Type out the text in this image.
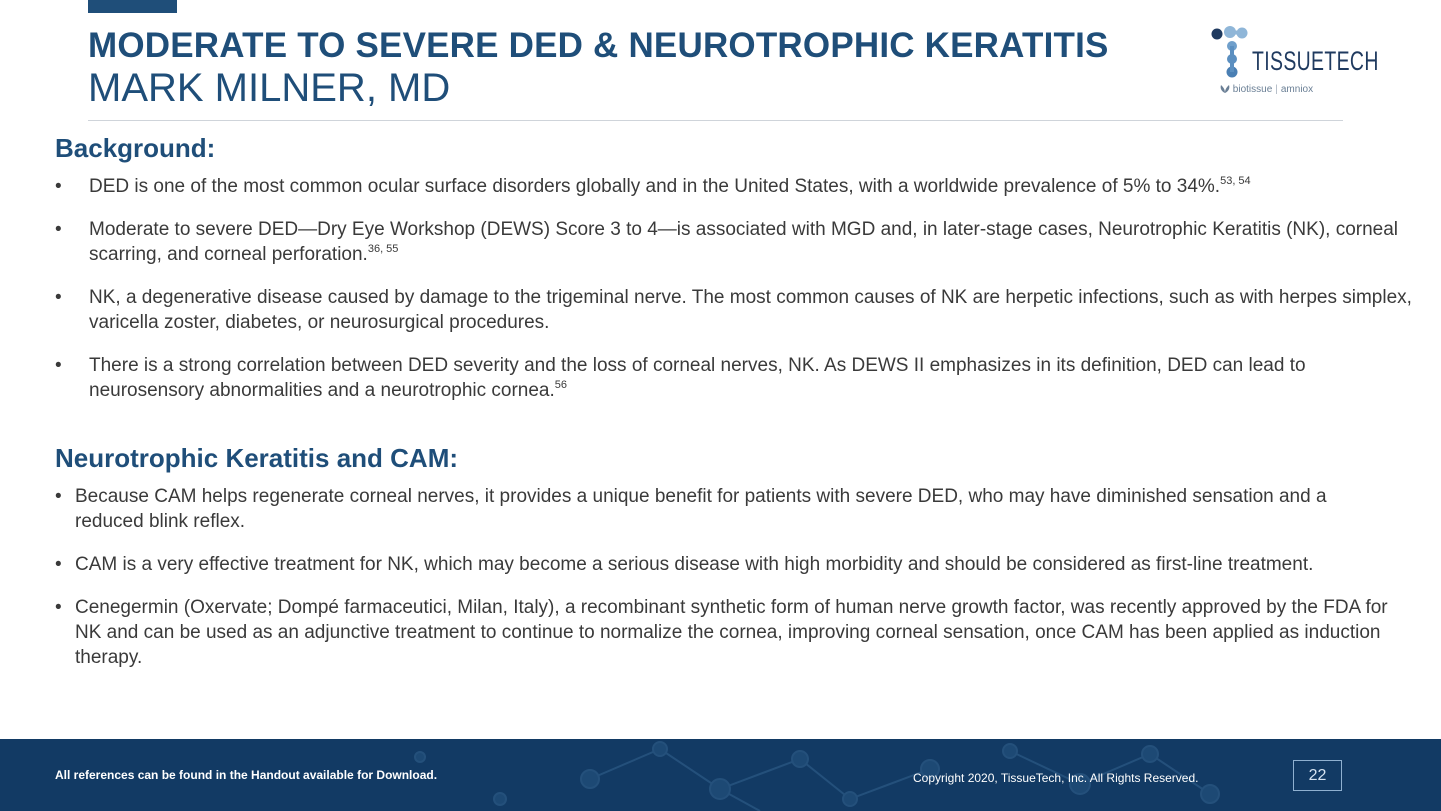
MODERATE TO SEVERE DED & NEUROTROPHIC KERATITIS
MARK MILNER, MD
TISSUETECH
biotissue | amniox
Background:
• DED is one of the most common ocular surface disorders globally and in the United States, with a worldwide prevalence of 5% to 34%.$^{53, 54}$
• Moderate to severe DED—Dry Eye Workshop (DEWS) Score 3 to 4—is associated with MGD and, in later-stage cases, Neurotrophic Keratitis (NK), corneal scarring, and corneal perforation.$^{36, 55}$
• NK, a degenerative disease caused by damage to the trigeminal nerve. The most common causes of NK are herpetic infections, such as with herpes simplex, varicella zoster, diabetes, or neurosurgical procedures.
• There is a strong correlation between DED severity and the loss of corneal nerves, NK. As DEWS II emphasizes in its definition, DED can lead to neurosensory abnormalities and a neurotrophic cornea.$^{56}$
Neurotrophic Keratitis and CAM:
• Because CAM helps regenerate corneal nerves, it provides a unique benefit for patients with severe DED, who may have diminished sensation and a reduced blink reflex.
• CAM is a very effective treatment for NK, which may become a serious disease with high morbidity and should be considered as first-line treatment.
• Cenegermin (Oxervate; Dompé farmaceutici, Milan, Italy), a recombinant synthetic form of human nerve growth factor, was recently approved by the FDA for NK and can be used as an adjunctive treatment to continue to normalize the cornea, improving corneal sensation, once CAM has been applied as induction therapy.
All references can be found in the Handout available for Download.	Copyright 2020, TissueTech, Inc. All Rights Reserved.	22
